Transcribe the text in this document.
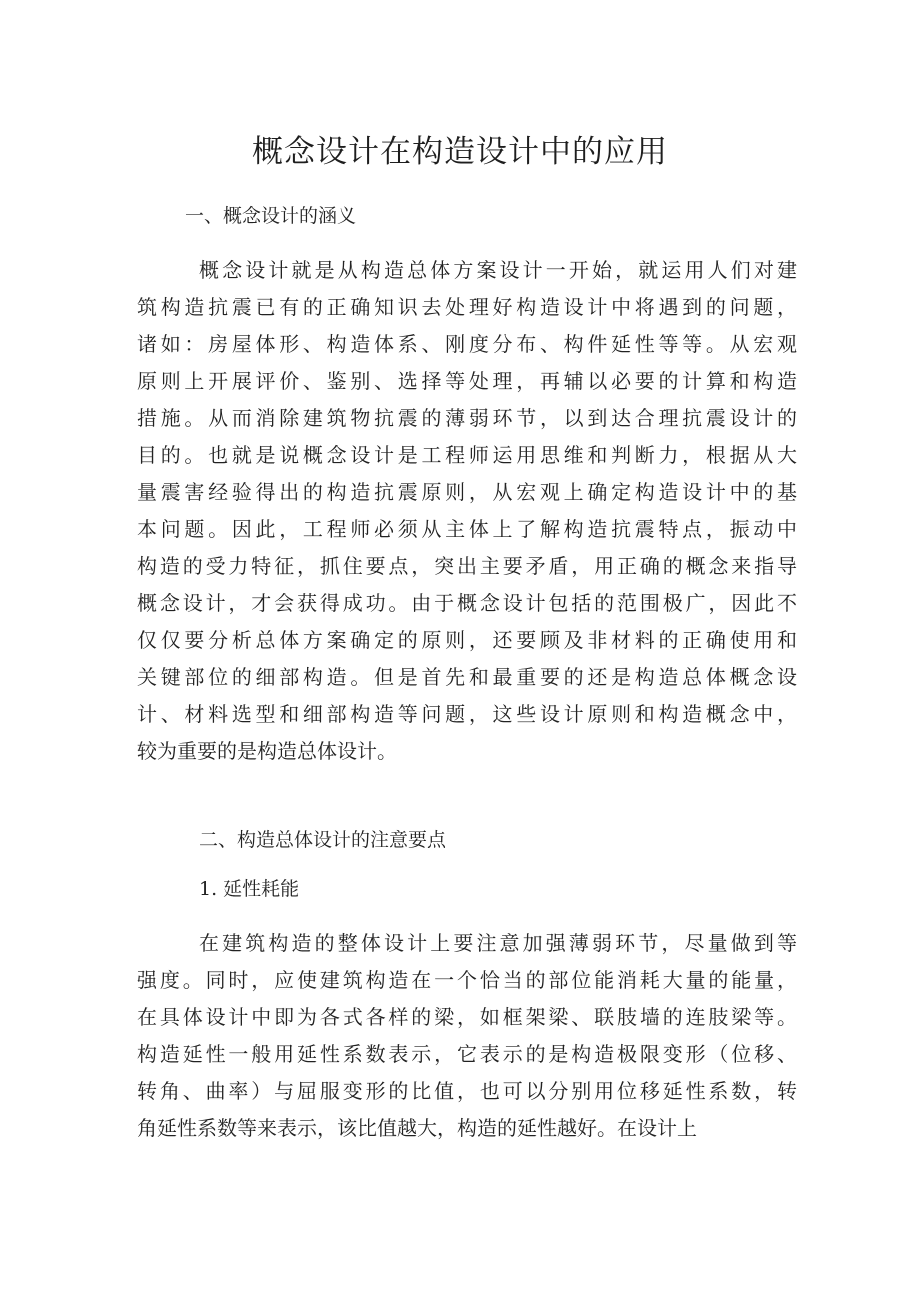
概念设计在构造设计中的应用
一、概念设计的涵义
概念设计就是从构造总体方案设计一开始，就运用人们对建
筑构造抗震已有的正确知识去处理好构造设计中将遇到的问题，
诸如：房屋体形、构造体系、刚度分布、构件延性等等。从宏观
原则上开展评价、鉴别、选择等处理，再辅以必要的计算和构造
措施。从而消除建筑物抗震的薄弱环节，以到达合理抗震设计的
目的。也就是说概念设计是工程师运用思维和判断力，根据从大
量震害经验得出的构造抗震原则，从宏观上确定构造设计中的基
本问题。因此，工程师必须从主体上了解构造抗震特点，振动中
构造的受力特征，抓住要点，突出主要矛盾，用正确的概念来指导
概念设计，才会获得成功。由于概念设计包括的范围极广，因此不
仅仅要分析总体方案确定的原则，还要顾及非材料的正确使用和
关键部位的细部构造。但是首先和最重要的还是构造总体概念设
计、材料选型和细部构造等问题，这些设计原则和构造概念中，
较为重要的是构造总体设计。
二、构造总体设计的注意要点
1. 延性耗能
在建筑构造的整体设计上要注意加强薄弱环节，尽量做到等
强度。同时，应使建筑构造在一个恰当的部位能消耗大量的能量，
在具体设计中即为各式各样的梁，如框架梁、联肢墙的连肢梁等。
构造延性一般用延性系数表示，它表示的是构造极限变形（位移、
转角、曲率）与屈服变形的比值，也可以分别用位移延性系数，转
角延性系数等来表示，该比值越大，构造的延性越好。在设计上
